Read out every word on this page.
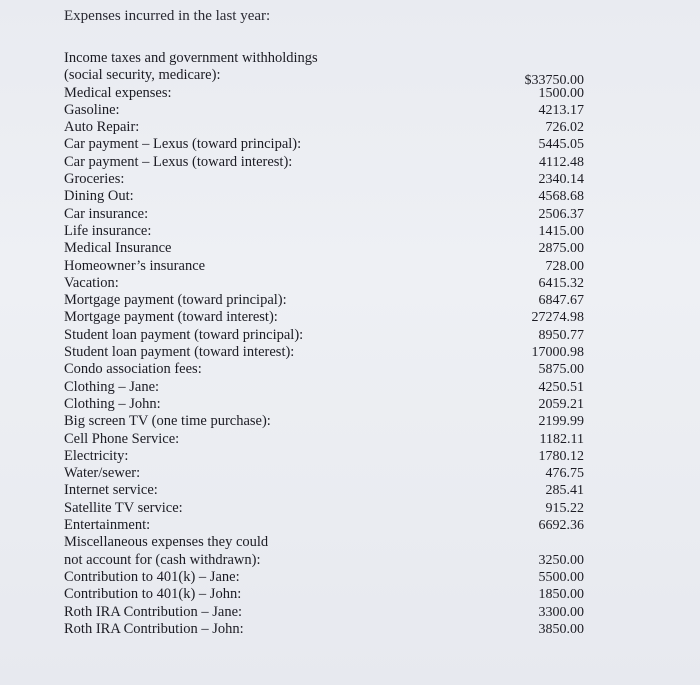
Expenses incurred in the last year:
Income taxes and government withholdings
(social security, medicare):	$33750.00
Medical expenses:	1500.00
Gasoline:	4213.17
Auto Repair:	726.02
Car payment – Lexus (toward principal):	5445.05
Car payment – Lexus (toward interest):	4112.48
Groceries:	2340.14
Dining Out:	4568.68
Car insurance:	2506.37
Life insurance:	1415.00
Medical Insurance	2875.00
Homeowner’s insurance	728.00
Vacation:	6415.32
Mortgage payment (toward principal):	6847.67
Mortgage payment (toward interest):	27274.98
Student loan payment (toward principal):	8950.77
Student loan payment (toward interest):	17000.98
Condo association fees:	5875.00
Clothing – Jane:	4250.51
Clothing – John:	2059.21
Big screen TV (one time purchase):	2199.99
Cell Phone Service:	1182.11
Electricity:	1780.12
Water/sewer:	476.75
Internet service:	285.41
Satellite TV service:	915.22
Entertainment:	6692.36
Miscellaneous expenses they could
not account for (cash withdrawn):	3250.00
Contribution to 401(k) – Jane:	5500.00
Contribution to 401(k) – John:	1850.00
Roth IRA Contribution – Jane:	3300.00
Roth IRA Contribution – John:	3850.00
